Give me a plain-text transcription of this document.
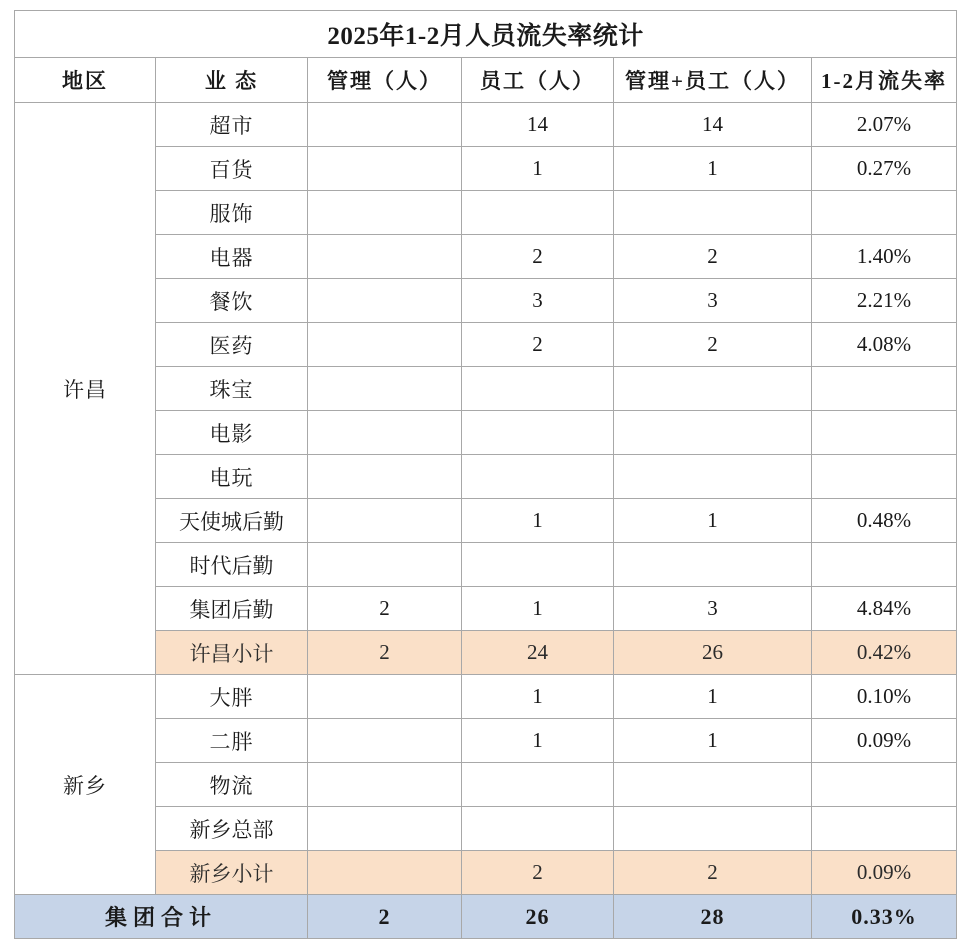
2025年1-2月人员流失率统计					
地区	业 态	管理（人）	员工（人）	管理+员工（人）	1-2月流失率
许昌	超市		14	14	2.07%
	百货		1	1	0.27%
	服饰				
	电器		2	2	1.40%
	餐饮		3	3	2.21%
	医药		2	2	4.08%
	珠宝				
	电影				
	电玩				
	天使城后勤		1	1	0.48%
	时代后勤				
	集团后勤	2	1	3	4.84%
	许昌小计	2	24	26	0.42%
新乡	大胖		1	1	0.10%
	二胖		1	1	0.09%
	物流				
	新乡总部				
	新乡小计		2	2	0.09%
集团合计		2	26	28	0.33%
